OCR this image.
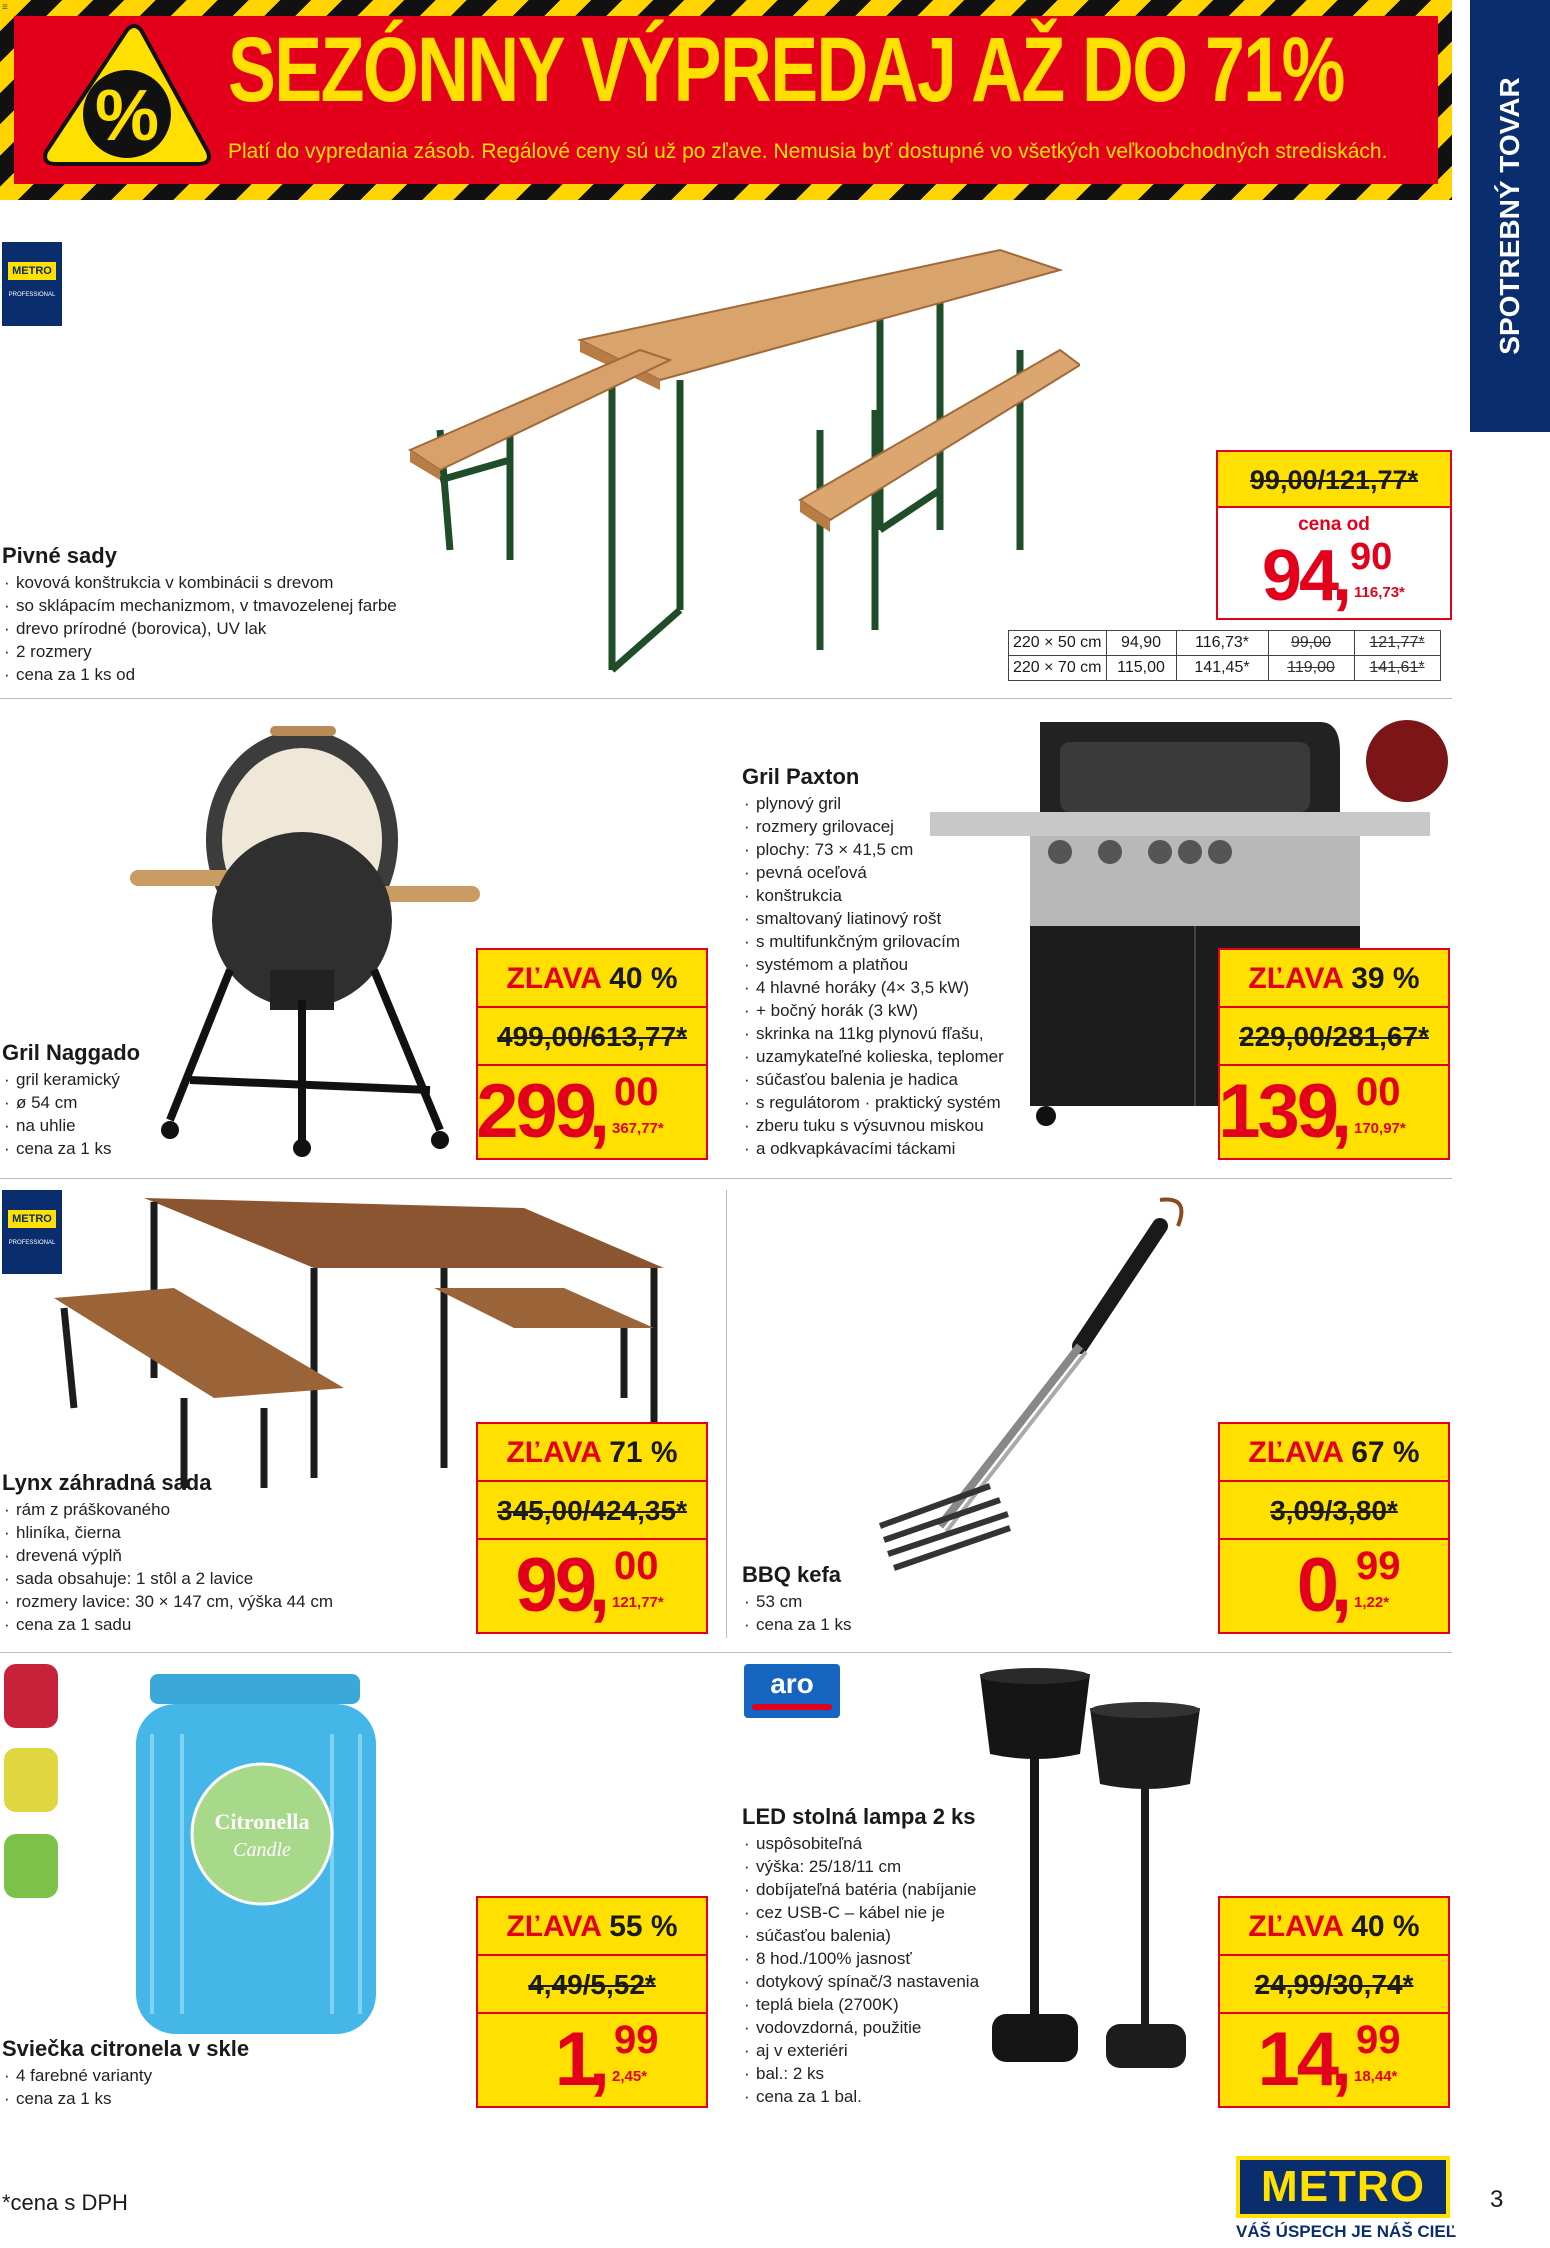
% SEZÓNNY VÝPREDAJ AŽ DO 71%
Platí do vypredania zásob. Regálové ceny sú už po zľave. Nemusia byť dostupné vo všetkých veľkoobchodných strediskách.
≡
SPOTREBNÝ TOVAR
METRO
PROFESSIONAL
Pivné sady
· kovová konštrukcia v kombinácii s drevom
· so sklápacím mechanizmom, v tmavozelenej farbe
· drevo prírodné (borovica), UV lak
· 2 rozmery
· cena za 1 ks od
99,00/121,77*
cena od
94
,
90
116,73*
220 × 50 cm	94,90	116,73*	99,00	121,77*
220 × 70 cm	115,00	141,45*	119,00	141,61*
Gril Naggado
· gril keramický
· ø 54 cm
· na uhlie
· cena za 1 ks
ZĽAVA 40 %
499,00/613,77*
299
, 00
367,77*
Gril Paxton
· plynový gril
· rozmery grilovacej
· plochy: 73 × 41,5 cm
· pevná oceľová
· konštrukcia
· smaltovaný liatinový rošt
· s multifunkčným grilovacím
· systémom a platňou
· 4 hlavné horáky (4× 3,5 kW)
· + bočný horák (3 kW)
· skrinka na 11kg plynovú fľašu,
· uzamykateľné kolieska, teplomer
· súčasťou balenia je hadica
· s regulátorom · praktický systém
· zberu tuku s výsuvnou miskou
· a odkvapkávacími táckami
ZĽAVA 39 %
229,00/281,67*
139
, 00
170,97*
METRO
PROFESSIONAL
Lynx záhradná sada
· rám z práškovaného
· hliníka, čierna
· drevená výplň
· sada obsahuje: 1 stôl a 2 lavice
· rozmery lavice: 30 × 147 cm, výška 44 cm
· cena za 1 sadu
ZĽAVA 71 %
345,00/424,35*
99
, 00
121,77*
BBQ kefa
· 53 cm
· cena za 1 ks
ZĽAVA 67 %
3,09/3,80*
0
, 99
1,22*
Citronella
Candle
Sviečka citronela v skle
· 4 farebné varianty
· cena za 1 ks
ZĽAVA 55 %
4,49/5,52*
1
, 99
2,45*
aro
LED stolná lampa 2 ks
· uspôsobiteľná
· výška: 25/18/11 cm
· dobíjateľná batéria (nabíjanie
· cez USB-C – kábel nie je
· súčasťou balenia)
· 8 hod./100% jasnosť
· dotykový spínač/3 nastavenia
· teplá biela (2700K)
· vodovzdorná, použitie
· aj v exteriéri
· bal.: 2 ks
· cena za 1 bal.
ZĽAVA 40 %
24,99/30,74*
14
, 99
18,44*
*cena s DPH	METRO
VÁŠ ÚSPECH JE NÁŠ CIEĽ
3
